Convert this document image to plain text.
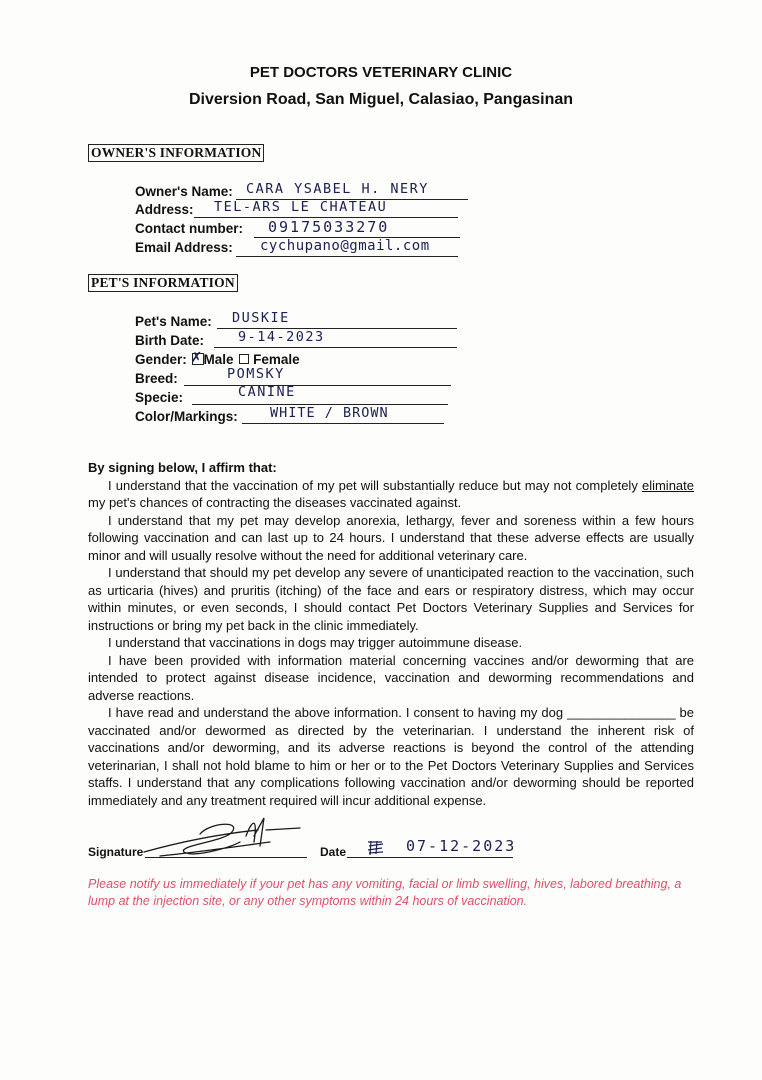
PET DOCTORS VETERINARY CLINIC
Diversion Road, San Miguel, Calasiao, Pangasinan
OWNER'S INFORMATION
Owner's Name: CARA YSABEL H. NERY
Address: TEL-ARS LE CHATEAU
Contact number: 09175033270
Email Address: cychupano@gmail.com
PET'S INFORMATION
Pet's Name: DUSKIE
Birth Date:	9-14-2023
Gender: ✗ Male Female
Breed:	POMSKY
Specie:	CANINE
Color/Markings: WHITE / BROWN

By signing below, I affirm that:

I understand that the vaccination of my pet will substantially reduce but may not completely eliminate my pet's chances of contracting the diseases vaccinated against.

I understand that my pet may develop anorexia, lethargy, fever and soreness within a few hours following vaccination and can last up to 24 hours. I understand that these adverse effects are usually minor and will usually resolve without the need for additional veterinary care.

I understand that should my pet develop any severe of unanticipated reaction to the vaccination, such as urticaria (hives) and pruritis (itching) of the face and ears or respiratory distress, which may occur within minutes, or even seconds, I should contact Pet Doctors Veterinary Supplies and Services for instructions or bring my pet back in the clinic immediately.

I understand that vaccinations in dogs may trigger autoimmune disease.

I have been provided with information material concerning vaccines and/or deworming that are intended to protect against disease incidence, vaccination and deworming recommendations and adverse reactions.

I have read and understand the above information. I consent to having my dog _______________ be vaccinated and/or dewormed as directed by the veterinarian. I understand the inherent risk of vaccinations and/or deworming, and its adverse reactions is beyond the control of the attending veterinarian, I shall not hold blame to him or her or to the Pet Doctors Veterinary Supplies and Services staffs. I understand that any complications following vaccination and/or deworming should be reported immediately and any treatment required will incur additional expense.

Signature	Date	07-12-2023
Please notify us immediately if your pet has any vomiting, facial or limb swelling, hives, labored breathing, a lump at the injection site, or any other symptoms within 24 hours of vaccination.
